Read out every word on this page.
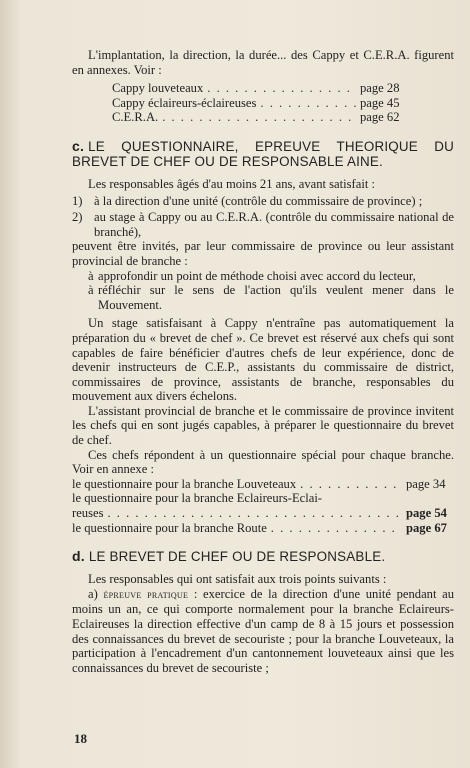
L'implantation, la direction, la durée... des Cappy et C.E.R.A. figurent en annexes. Voir :

Cappy louveteaux . . .	page 28
Cappy éclaireurs-éclaireuses . . .	page 45
C.E.R.A. . . .	page 62
c. LE QUESTIONNAIRE, EPREUVE THEORIQUE DU BREVET DE CHEF OU DE RESPONSABLE AINE.

Les responsables âgés d'au moins 21 ans, avant satisfait :

1) à la direction d'une unité (contrôle du commissaire de province) ;
2) au stage à Cappy ou au C.E.R.A. (contrôle du commissaire national de branché),

peuvent être invités, par leur commissaire de province ou leur assistant provincial de branche :

à approfondir un point de méthode choisi avec accord du lecteur,
à réfléchir sur le sens de l'action qu'ils veulent mener dans le Mouvement.

Un stage satisfaisant à Cappy n'entraîne pas automatiquement la préparation du « brevet de chef ». Ce brevet est réservé aux chefs qui sont capables de faire bénéficier d'autres chefs de leur expérience, donc de devenir instructeurs de C.E.P., assistants du commissaire de district, commissaires de province, assistants de branche, responsables du mouvement aux divers échelons.

L'assistant provincial de branche et le commissaire de province invitent les chefs qui en sont jugés capables, à préparer le questionnaire du brevet de chef.

Ces chefs répondent à un questionnaire spécial pour chaque branche. Voir en annexe :

le questionnaire pour la branche Louveteaux . . .	page 34
le questionnaire pour la branche Eclaireurs-Eclai-
reuses . . .	page 54
le questionnaire pour la branche Route . . .	page 67
d. LE BREVET DE CHEF OU DE RESPONSABLE.

Les responsables qui ont satisfait aux trois points suivants :

a) épreuve pratique : exercice de la direction d'une unité pendant au moins un an, ce qui comporte normalement pour la branche Eclaireurs-Eclaireuses la direction effective d'un camp de 8 à 15 jours et possession des connaissances du brevet de secouriste ; pour la branche Louveteaux, la participation à l'encadrement d'un cantonnement louveteaux ainsi que les connaissances du brevet de secouriste ;

18
